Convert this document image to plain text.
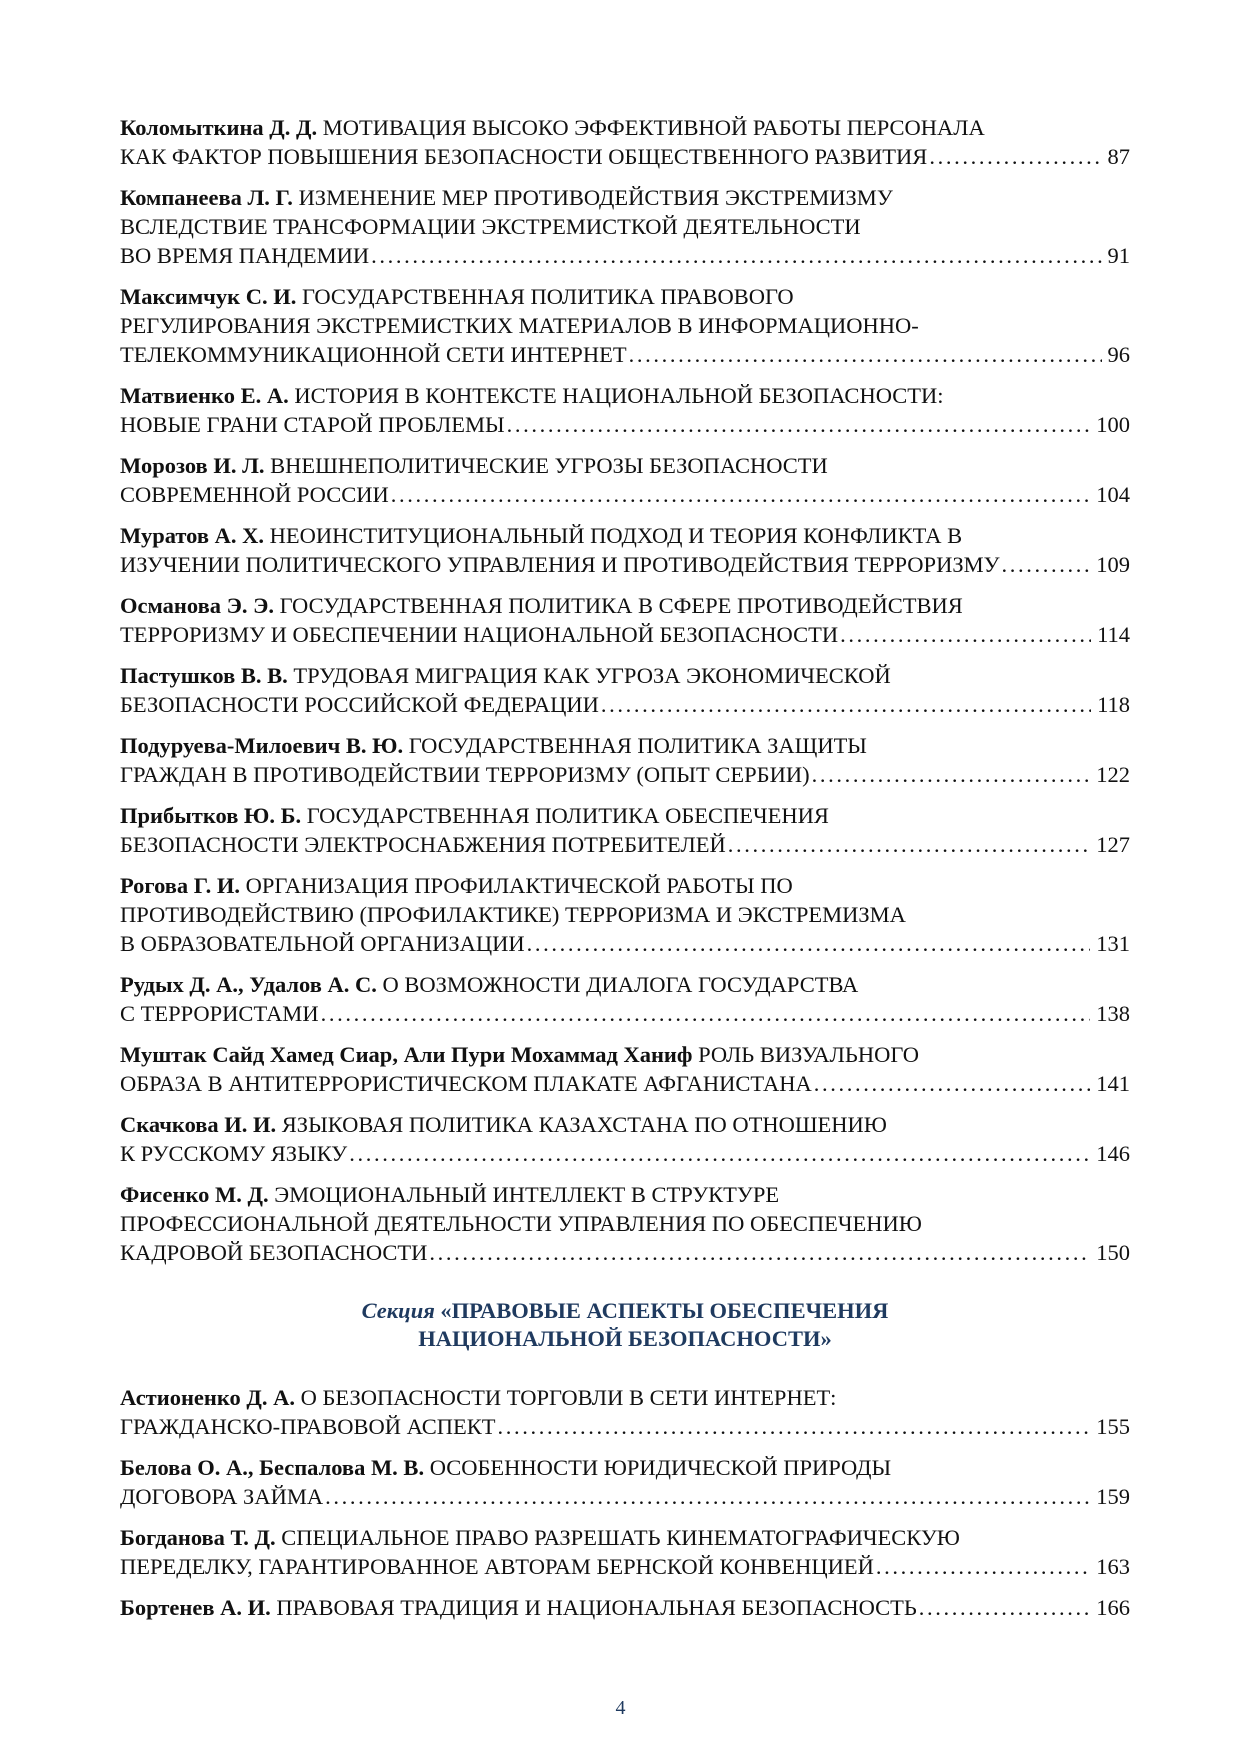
Коломыткина Д. Д. МОТИВАЦИЯ ВЫСОКО ЭФФЕКТИВНОЙ РАБОТЫ ПЕРСОНАЛА
КАК ФАКТОР ПОВЫШЕНИЯ БЕЗОПАСНОСТИ ОБЩЕСТВЕННОГО РАЗВИТИЯ . . .	87
Компанеева Л. Г. ИЗМЕНЕНИЕ МЕР ПРОТИВОДЕЙСТВИЯ ЭКСТРЕМИЗМУ
ВСЛЕДСТВИЕ ТРАНСФОРМАЦИИ ЭКСТРЕМИСТКОЙ ДЕЯТЕЛЬНОСТИ
ВО ВРЕМЯ ПАНДЕМИИ . . .	91
Максимчук С. И. ГОСУДАРСТВЕННАЯ ПОЛИТИКА ПРАВОВОГО
РЕГУЛИРОВАНИЯ ЭКСТРЕМИСТКИХ МАТЕРИАЛОВ В ИНФОРМАЦИОННО-
ТЕЛЕКОММУНИКАЦИОННОЙ СЕТИ ИНТЕРНЕТ . . .	96
Матвиенко Е. А. ИСТОРИЯ В КОНТЕКСТЕ НАЦИОНАЛЬНОЙ БЕЗОПАСНОСТИ:
НОВЫЕ ГРАНИ СТАРОЙ ПРОБЛЕМЫ . . .	100
Морозов И. Л. ВНЕШНЕПОЛИТИЧЕСКИЕ УГРОЗЫ БЕЗОПАСНОСТИ
СОВРЕМЕННОЙ РОССИИ . . .	104
Муратов А. Х. НЕОИНСТИТУЦИОНАЛЬНЫЙ ПОДХОД И ТЕОРИЯ КОНФЛИКТА В
ИЗУЧЕНИИ ПОЛИТИЧЕСКОГО УПРАВЛЕНИЯ И ПРОТИВОДЕЙСТВИЯ ТЕРРОРИЗМУ . . .	109
Османова Э. Э. ГОСУДАРСТВЕННАЯ ПОЛИТИКА В СФЕРЕ ПРОТИВОДЕЙСТВИЯ
ТЕРРОРИЗМУ И ОБЕСПЕЧЕНИИ НАЦИОНАЛЬНОЙ БЕЗОПАСНОСТИ . . .	114
Пастушков В. В. ТРУДОВАЯ МИГРАЦИЯ КАК УГРОЗА ЭКОНОМИЧЕСКОЙ
БЕЗОПАСНОСТИ РОССИЙСКОЙ ФЕДЕРАЦИИ . . .	118
Подуруева-Милоевич В. Ю. ГОСУДАРСТВЕННАЯ ПОЛИТИКА ЗАЩИТЫ
ГРАЖДАН В ПРОТИВОДЕЙСТВИИ ТЕРРОРИЗМУ (ОПЫТ СЕРБИИ) . . .	122
Прибытков Ю. Б. ГОСУДАРСТВЕННАЯ ПОЛИТИКА ОБЕСПЕЧЕНИЯ
БЕЗОПАСНОСТИ ЭЛЕКТРОСНАБЖЕНИЯ ПОТРЕБИТЕЛЕЙ . . .	127
Рогова Г. И. ОРГАНИЗАЦИЯ ПРОФИЛАКТИЧЕСКОЙ РАБОТЫ ПО
ПРОТИВОДЕЙСТВИЮ (ПРОФИЛАКТИКЕ) ТЕРРОРИЗМА И ЭКСТРЕМИЗМА
В ОБРАЗОВАТЕЛЬНОЙ ОРГАНИЗАЦИИ . . .	131
Рудых Д. А., Удалов А. С. О ВОЗМОЖНОСТИ ДИАЛОГА ГОСУДАРСТВА
С ТЕРРОРИСТАМИ . . .	138
Муштак Сайд Хамед Сиар, Али Пури Мохаммад Ханиф РОЛЬ ВИЗУАЛЬНОГО
ОБРАЗА В АНТИТЕРРОРИСТИЧЕСКОМ ПЛАКАТЕ АФГАНИСТАНА . . .	141
Скачкова И. И. ЯЗЫКОВАЯ ПОЛИТИКА КАЗАХСТАНА ПО ОТНОШЕНИЮ
К РУССКОМУ ЯЗЫКУ . . .	146
Фисенко М. Д. ЭМОЦИОНАЛЬНЫЙ ИНТЕЛЛЕКТ В СТРУКТУРЕ
ПРОФЕССИОНАЛЬНОЙ ДЕЯТЕЛЬНОСТИ УПРАВЛЕНИЯ ПО ОБЕСПЕЧЕНИЮ
КАДРОВОЙ БЕЗОПАСНОСТИ . . .	150
Секция «ПРАВОВЫЕ АСПЕКТЫ ОБЕСПЕЧЕНИЯ
НАЦИОНАЛЬНОЙ БЕЗОПАСНОСТИ»
Астионенко Д. А. О БЕЗОПАСНОСТИ ТОРГОВЛИ В СЕТИ ИНТЕРНЕТ:
ГРАЖДАНСКО-ПРАВОВОЙ АСПЕКТ . . .	155
Белова О. А., Беспалова М. В. ОСОБЕННОСТИ ЮРИДИЧЕСКОЙ ПРИРОДЫ
ДОГОВОРА ЗАЙМА . . .	159
Богданова Т. Д. СПЕЦИАЛЬНОЕ ПРАВО РАЗРЕШАТЬ КИНЕМАТОГРАФИЧЕСКУЮ
ПЕРЕДЕЛКУ, ГАРАНТИРОВАННОЕ АВТОРАМ БЕРНСКОЙ КОНВЕНЦИЕЙ . . .	163
Бортенев А. И. ПРАВОВАЯ ТРАДИЦИЯ И НАЦИОНАЛЬНАЯ БЕЗОПАСНОСТЬ . . .	166
4
